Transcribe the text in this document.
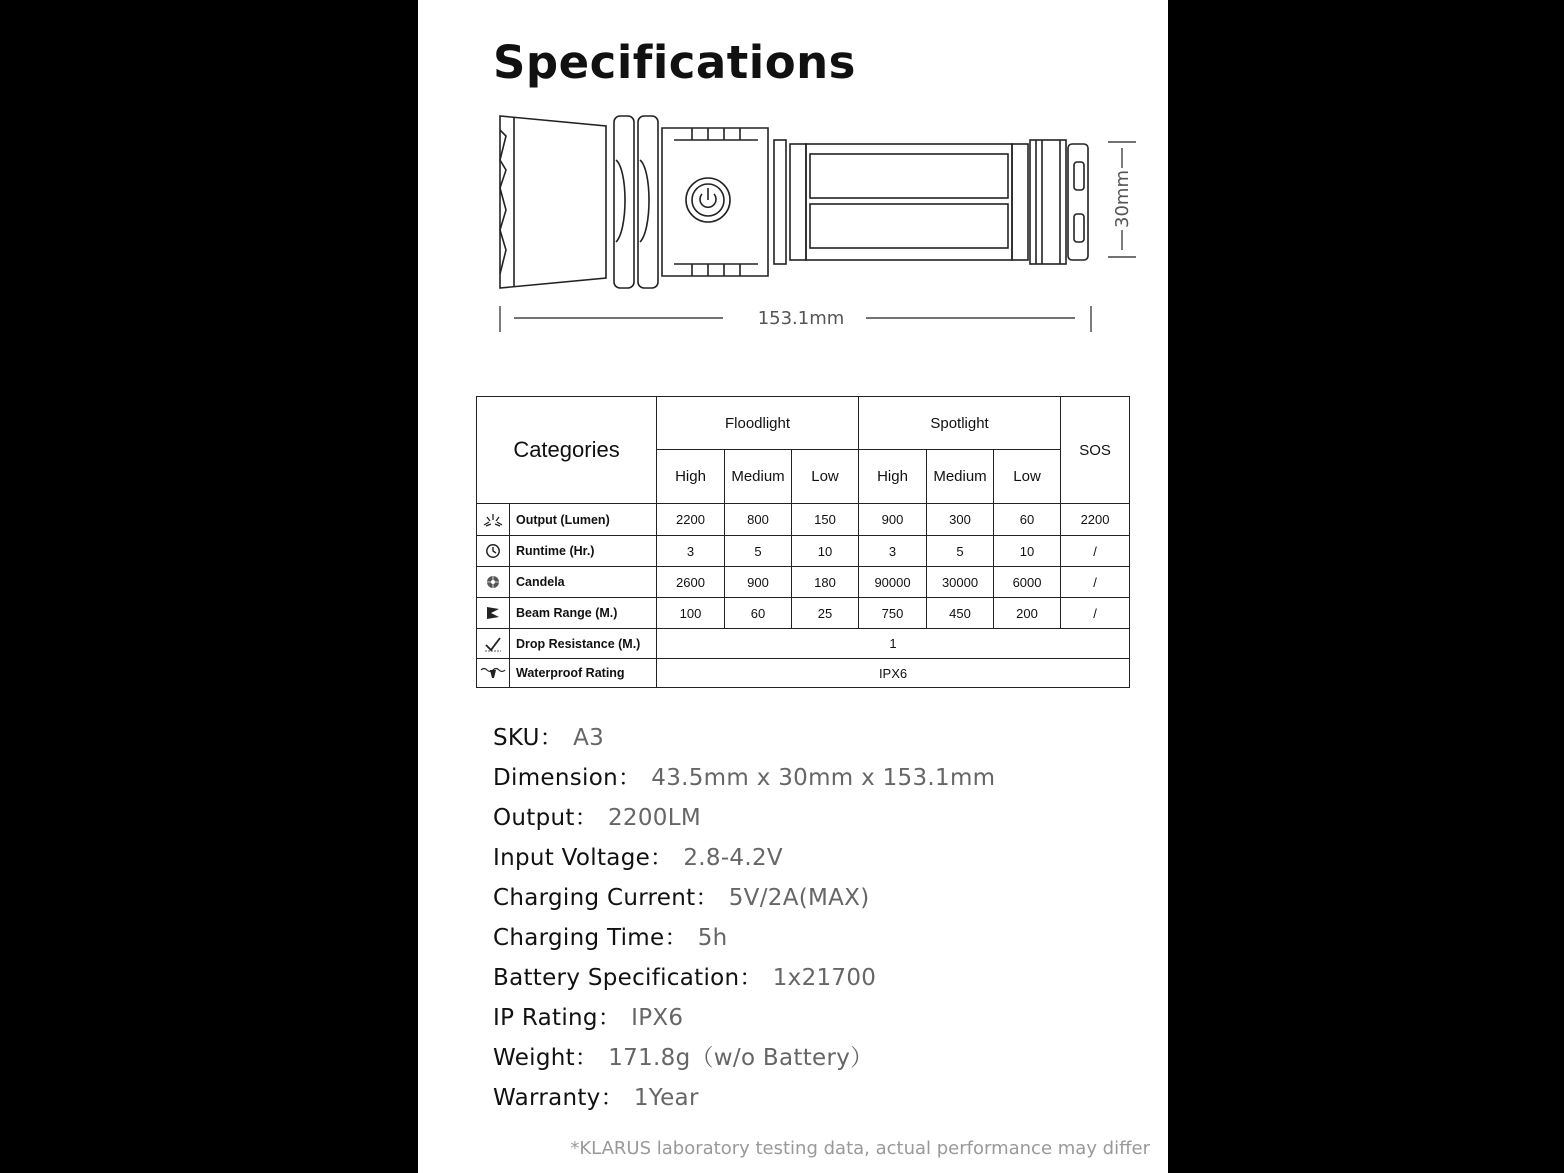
Specifications
153.1mm
30mm
Categories		Floodlight			Spotlight			SOS
		High	Medium	Low	High	Medium	Low	

	Output (Lumen)	2200	800	150	900	300	60	2200

	Runtime (Hr.)	3	5	10	3	5	10	/

	Candela	2600	900	180	90000	30000	6000	/

	Beam Range (M.)	100	60	25	750	450	200	/

	Drop Resistance (M.)	1						

	Waterproof Rating	IPX6						
SKU： A3
Dimension： 43.5mm x 30mm x 153.1mm
Output： 2200LM
Input Voltage： 2.8-4.2V
Charging Current： 5V/2A(MAX)
Charging Time： 5h
Battery Specification： 1x21700
IP Rating： IPX6
Weight： 171.8g（w/o Battery）
Warranty： 1Year
*KLARUS laboratory testing data, actual performance may differ
